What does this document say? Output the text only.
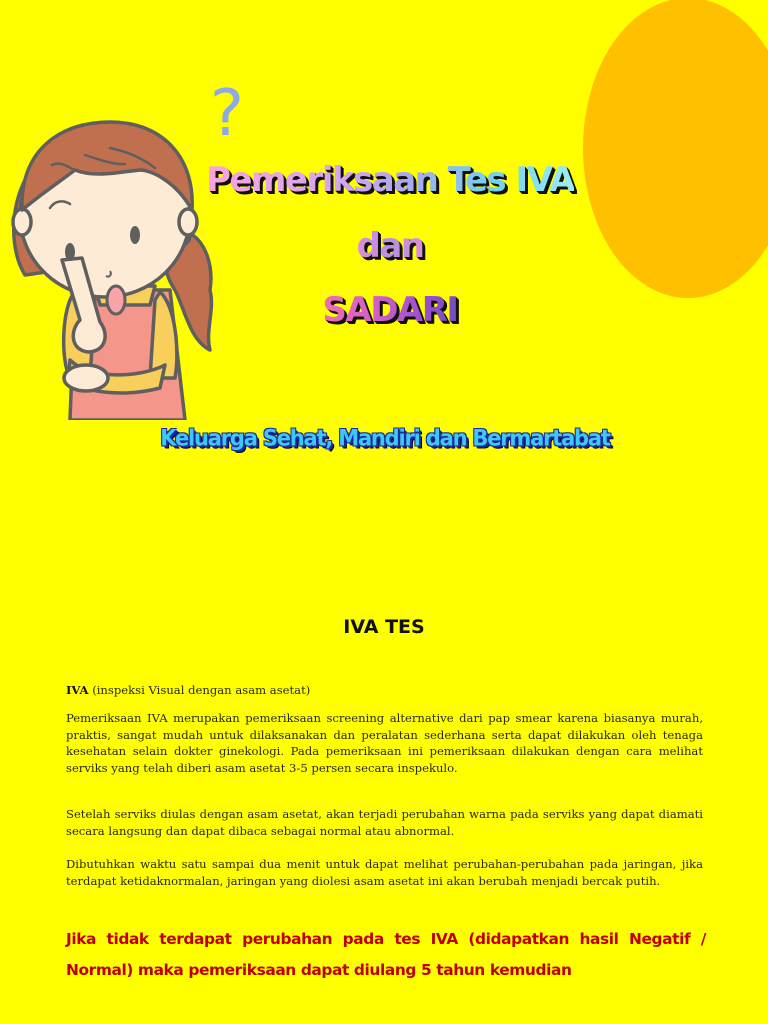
?
Pemeriksaan Tes IVA
dan
SADARI
Keluarga Sehat, Mandiri dan Bermartabat
IVA TES
IVA (inspeksi Visual dengan asam asetat)

Pemeriksaan IVA merupakan pemeriksaan screening alternative dari pap smear karena biasanya murah, praktis, sangat mudah untuk dilaksanakan dan peralatan sederhana serta dapat dilakukan oleh tenaga kesehatan selain dokter ginekologi. Pada pemeriksaan ini pemeriksaan dilakukan dengan cara melihat serviks yang telah diberi asam asetat 3-5 persen secara inspekulo.

Setelah serviks diulas dengan asam asetat, akan terjadi perubahan warna pada serviks yang dapat diamati secara langsung dan dapat dibaca sebagai normal atau abnormal.

Dibutuhkan waktu satu sampai dua menit untuk dapat melihat perubahan-perubahan pada jaringan, jika terdapat ketidaknormalan, jaringan yang diolesi asam asetat ini akan berubah menjadi bercak putih.

Jika tidak terdapat perubahan pada tes IVA (didapatkan hasil Negatif / Normal) maka pemeriksaan dapat diulang 5 tahun kemudian
